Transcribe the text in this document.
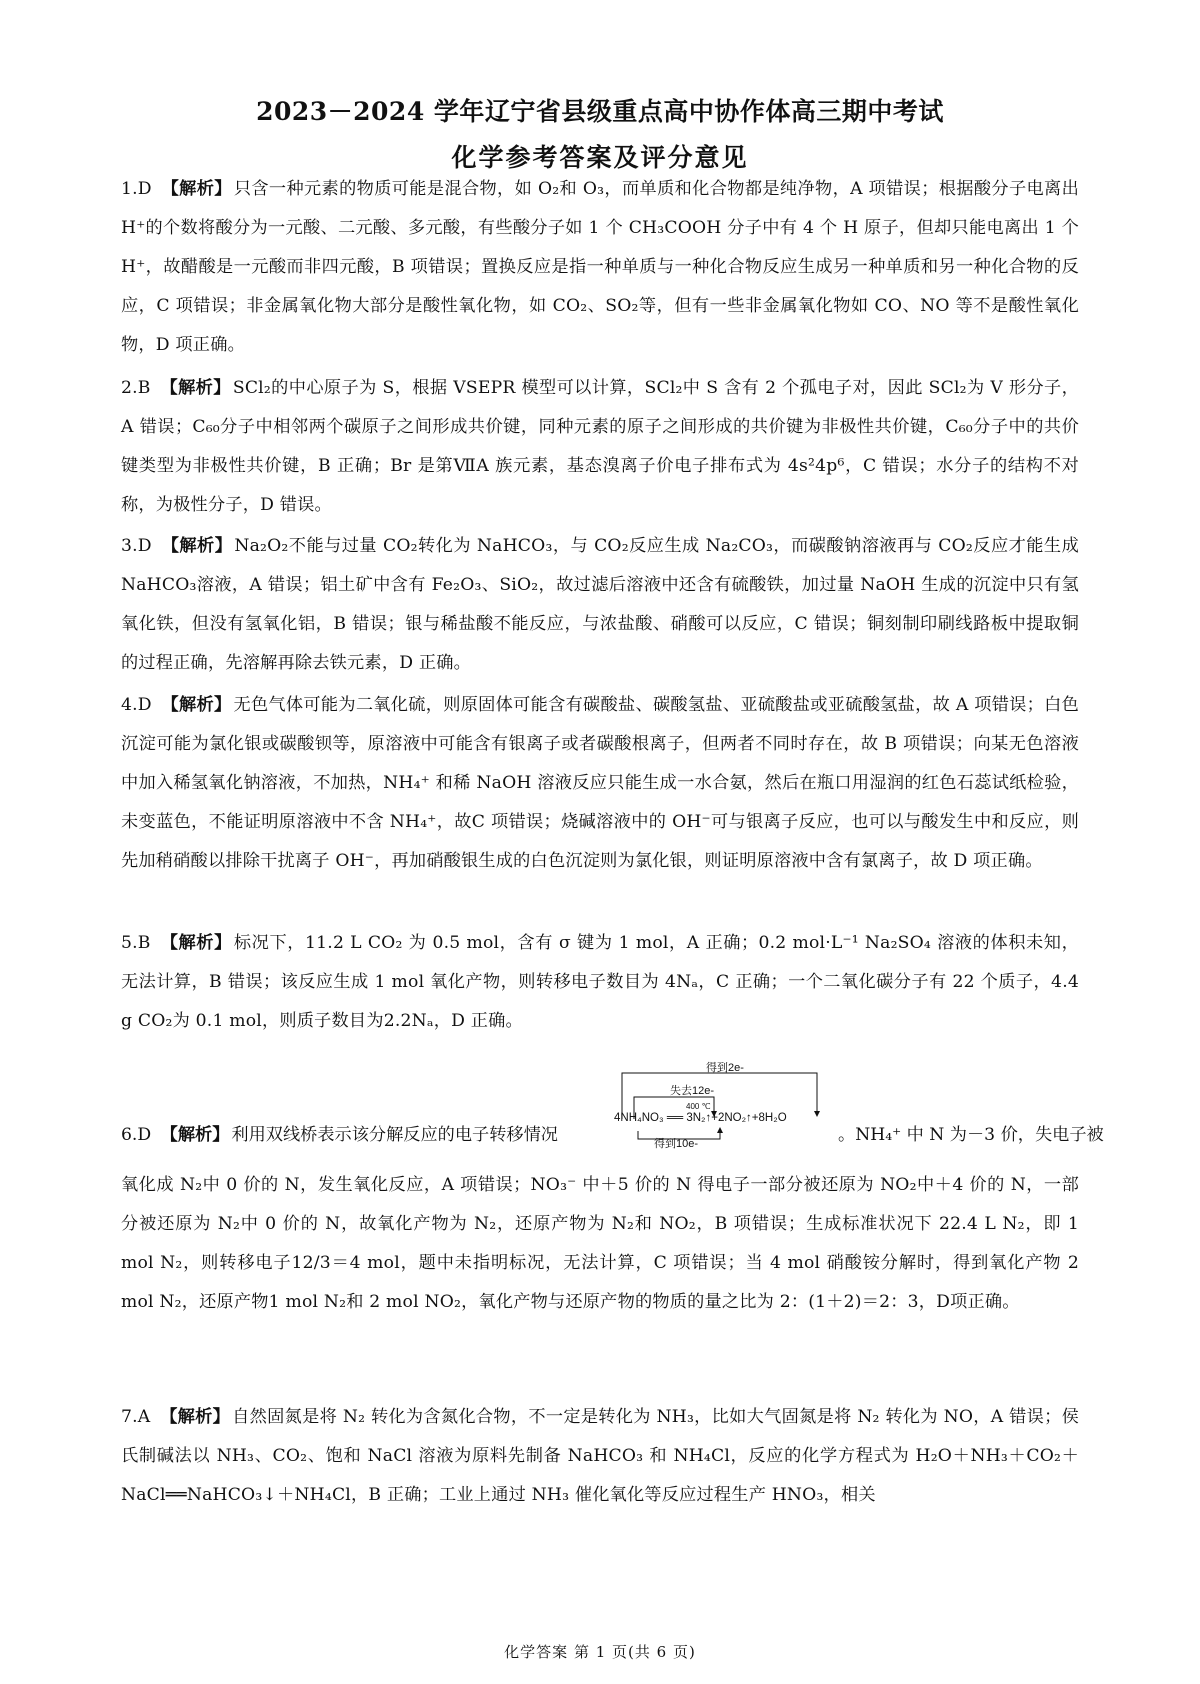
2023－2024 学年辽宁省县级重点高中协作体高三期中考试
化学参考答案及评分意见
1.D 【解析】 只含一种元素的物质可能是混合物，如 O₂和 O₃，而单质和化合物都是纯净物，A 项错误；根据酸分子电离出 H⁺的个数将酸分为一元酸、二元酸、多元酸，有些酸分子如 1 个 CH₃COOH 分子中有 4 个 H 原子，但却只能电离出 1 个 H⁺，故醋酸是一元酸而非四元酸，B 项错误；置换反应是指一种单质与一种化合物反应生成另一种单质和另一种化合物的反应，C 项错误；非金属氧化物大部分是酸性氧化物，如 CO₂、SO₂等，但有一些非金属氧化物如 CO、NO 等不是酸性氧化物，D 项正确。
2.B 【解析】 SCl₂的中心原子为 S，根据 VSEPR 模型可以计算，SCl₂中 S 含有 2 个孤电子对，因此 SCl₂为 V 形分子，A 错误；C₆₀分子中相邻两个碳原子之间形成共价键，同种元素的原子之间形成的共价键为非极性共价键，C₆₀分子中的共价键类型为非极性共价键，B 正确；Br 是第ⅦA 族元素，基态溴离子价电子排布式为 4s²4p⁶，C 错误；水分子的结构不对称，为极性分子，D 错误。
3.D 【解析】 Na₂O₂不能与过量 CO₂转化为 NaHCO₃，与 CO₂反应生成 Na₂CO₃，而碳酸钠溶液再与 CO₂反应才能生成 NaHCO₃溶液，A 错误；铝土矿中含有 Fe₂O₃、SiO₂，故过滤后溶液中还含有硫酸铁，加过量 NaOH 生成的沉淀中只有氢氧化铁，但没有氢氧化铝，B 错误；银与稀盐酸不能反应，与浓盐酸、硝酸可以反应，C 错误；铜刻制印刷线路板中提取铜的过程正确，先溶解再除去铁元素，D 正确。
4.D 【解析】 无色气体可能为二氧化硫，则原固体可能含有碳酸盐、碳酸氢盐、亚硫酸盐或亚硫酸氢盐，故 A 项错误；白色沉淀可能为氯化银或碳酸钡等，原溶液中可能含有银离子或者碳酸根离子，但两者不同时存在，故 B 项错误；向某无色溶液中加入稀氢氧化钠溶液，不加热，NH₄⁺ 和稀 NaOH 溶液反应只能生成一水合氨，然后在瓶口用湿润的红色石蕊试纸检验，未变蓝色，不能证明原溶液中不含 NH₄⁺，故C 项错误；烧碱溶液中的 OH⁻可与银离子反应，也可以与酸发生中和反应，则先加稍硝酸以排除干扰离子 OH⁻，再加硝酸银生成的白色沉淀则为氯化银，则证明原溶液中含有氯离子，故 D 项正确。
5.B 【解析】 标况下，11.2 L CO₂ 为 0.5 mol，含有 σ 键为 1 mol，A 正确；0.2 mol·L⁻¹ Na₂SO₄ 溶液的体积未知，无法计算，B 错误；该反应生成 1 mol 氧化产物，则转移电子数目为 4Nₐ，C 正确；一个二氧化碳分子有 22 个质子，4.4 g CO₂为 0.1 mol，则质子数目为2.2Nₐ，D 正确。
6.D 【解析】 利用双线桥表示该分解反应的电子转移情况
得到2e-
失去12e-
400 ℃
4NH₄NO₃ ══ 3N₂↑+2NO₂↑+8H₂O
得到10e-	。NH₄⁺ 中 N 为－3 价，失电子被
氧化成 N₂中 0 价的 N，发生氧化反应，A 项错误；NO₃⁻ 中＋5 价的 N 得电子一部分被还原为 NO₂中＋4 价的 N，一部分被还原为 N₂中 0 价的 N，故氧化产物为 N₂，还原产物为 N₂和 NO₂，B 项错误；生成标准状况下 22.4 L N₂，即 1 mol N₂，则转移电子12/3＝4 mol，题中未指明标况，无法计算，C 项错误；当 4 mol 硝酸铵分解时，得到氧化产物 2 mol N₂，还原产物1 mol N₂和 2 mol NO₂，氧化产物与还原产物的物质的量之比为 2：(1＋2)＝2：3，D项正确。
7.A 【解析】 自然固氮是将 N₂ 转化为含氮化合物，不一定是转化为 NH₃，比如大气固氮是将 N₂ 转化为 NO，A 错误；侯氏制碱法以 NH₃、CO₂、饱和 NaCl 溶液为原料先制备 NaHCO₃ 和 NH₄Cl，反应的化学方程式为 H₂O＋NH₃＋CO₂＋NaCl══NaHCO₃↓＋NH₄Cl，B 正确；工业上通过 NH₃ 催化氧化等反应过程生产 HNO₃，相关
化学答案 第 1 页(共 6 页)
